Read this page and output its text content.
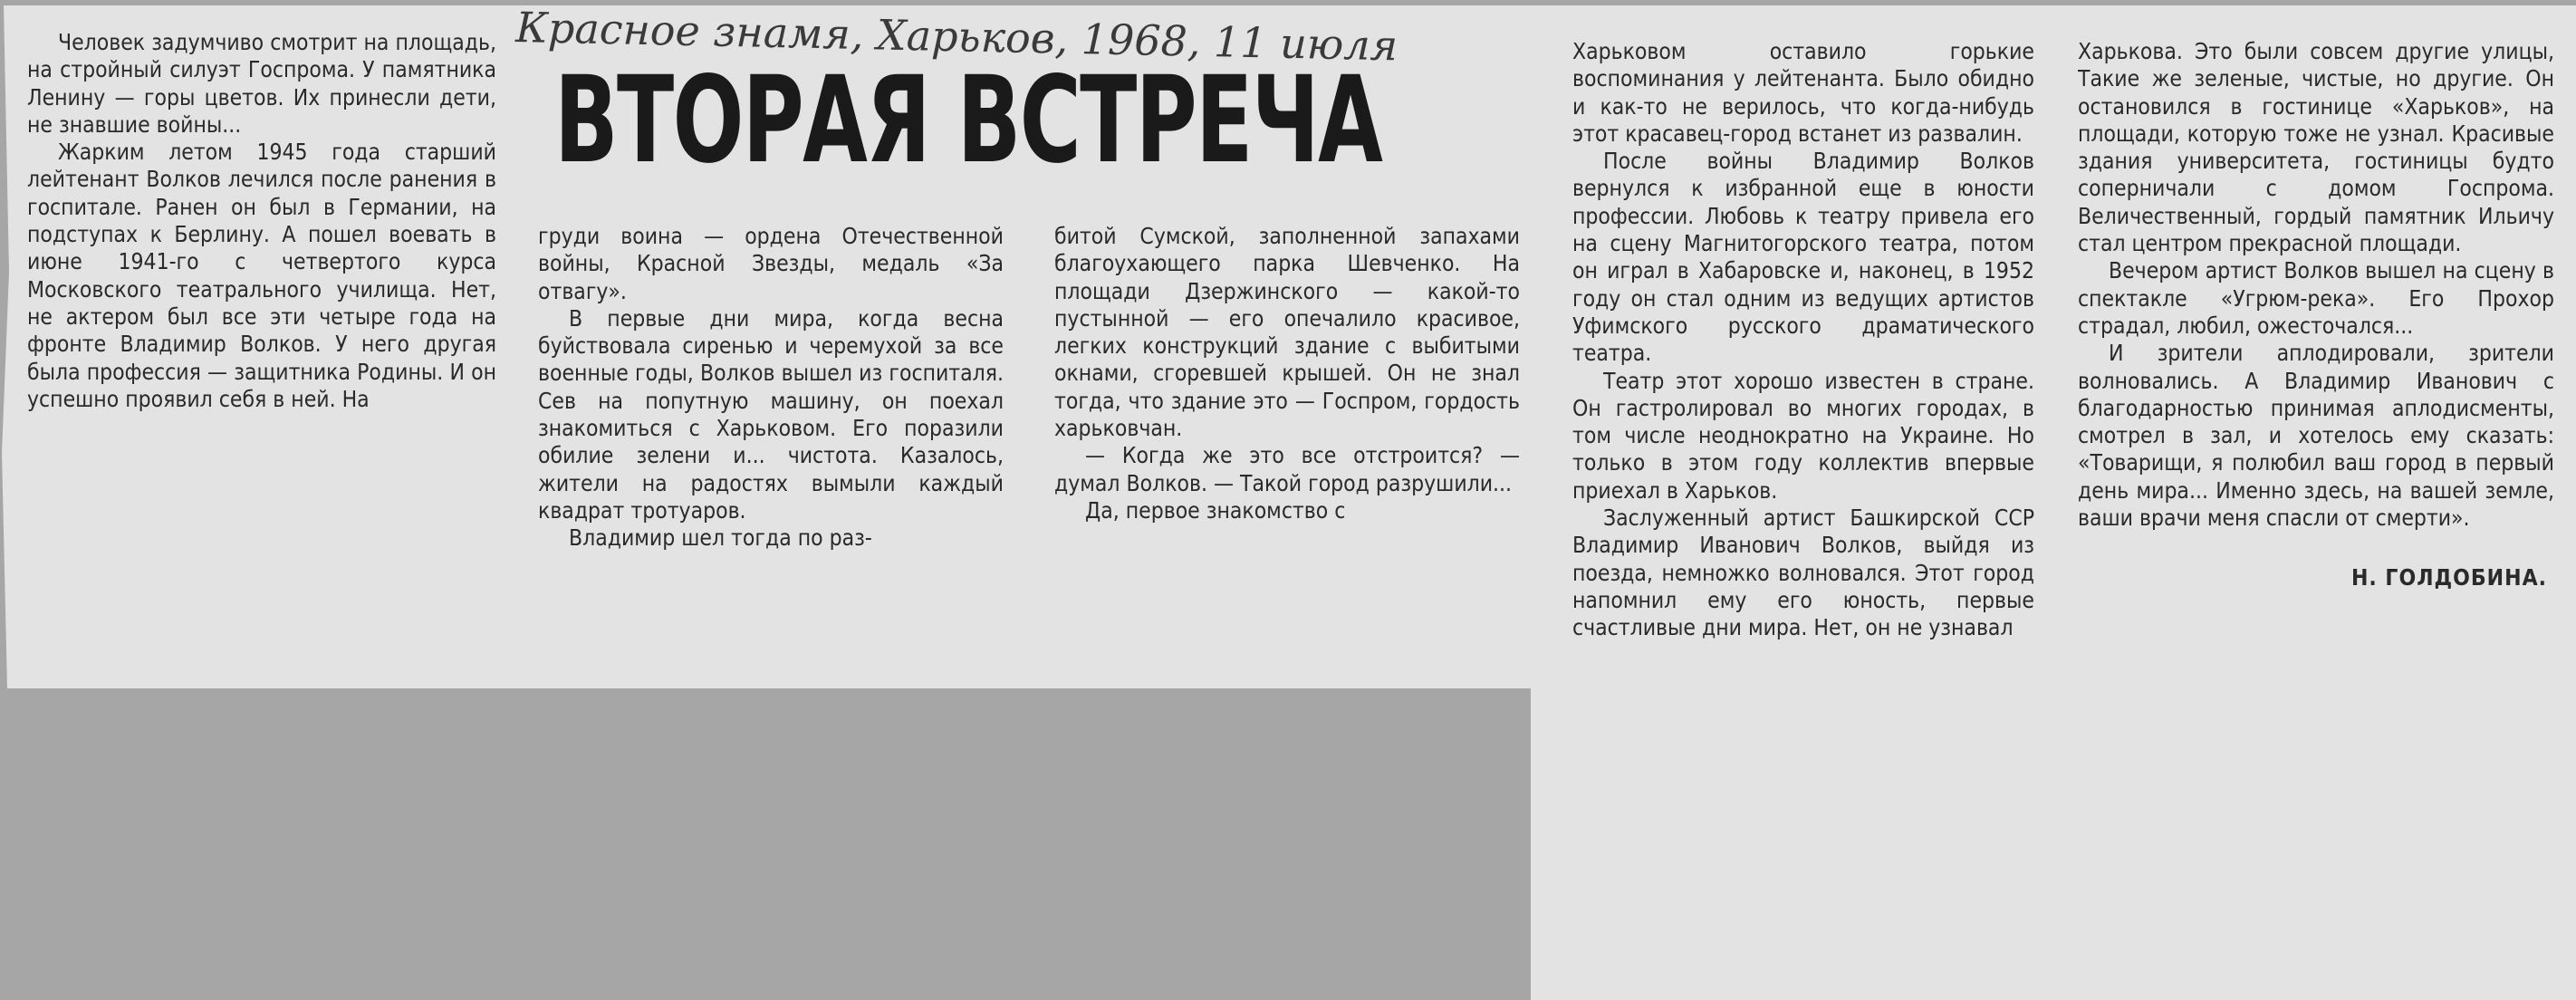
Красное знамя, Харьков, 1968, 11 июля
ВТОРАЯ ВСТРЕЧА

Человек задумчиво смотрит на площадь, на стройный силуэт Госпрома. У памятника Ленину — горы цветов. Их принесли дети, не знавшие войны...

Жарким летом 1945 года старший лейтенант Волков лечился после ранения в госпитале. Ранен он был в Германии, на подступах к Берлину. А пошел воевать в июне 1941-го с четвертого курса Московского театрального училища. Нет, не актером был все эти четыре года на фронте Владимир Волков. У него другая была профессия — защитника Родины. И он успешно проявил себя в ней. На

груди воина — ордена Отечественной войны, Красной Звезды, медаль «За отвагу».

В первые дни мира, когда весна буйствовала сиренью и черемухой за все военные годы, Волков вышел из госпиталя. Сев на попутную машину, он поехал знакомиться с Харьковом. Его поразили обилие зелени и... чистота. Казалось, жители на радостях вымыли каждый квадрат тротуаров.

Владимир шел тогда по раз-

битой Сумской, заполненной запахами благоухающего парка Шевченко. На площади Дзержинского — какой-то пустынной — его опечалило красивое, легких конструкций здание с выбитыми окнами, сгоревшей крышей. Он не знал тогда, что здание это — Госпром, гордость харьковчан.

— Когда же это все отстроится? — думал Волков. — Такой город разрушили...

Да, первое знакомство с

Харьковом оставило горькие воспоминания у лейтенанта. Было обидно и как-то не верилось, что когда-нибудь этот красавец-город встанет из развалин.

После войны Владимир Волков вернулся к избранной еще в юности профессии. Любовь к театру привела его на сцену Магнитогорского театра, потом он играл в Хабаровске и, наконец, в 1952 году он стал одним из ведущих артистов Уфимского русского драматического театра.

Театр этот хорошо известен в стране. Он гастролировал во многих городах, в том числе неоднократно на Украине. Но только в этом году коллектив впервые приехал в Харьков.

Заслуженный артист Башкирской ССР Владимир Иванович Волков, выйдя из поезда, немножко волновался. Этот город напомнил ему его юность, первые счастливые дни мира. Нет, он не узнавал

Харькова. Это были совсем другие улицы, Такие же зеленые, чистые, но другие. Он остановился в гостинице «Харьков», на площади, которую тоже не узнал. Красивые здания университета, гостиницы будто соперничали с домом Госпрома. Величественный, гордый памятник Ильичу стал центром прекрасной площади.

Вечером артист Волков вышел на сцену в спектакле «Угрюм-река». Его Прохор страдал, любил, ожесточался...

И зрители аплодировали, зрители волновались. А Владимир Иванович с благодарностью принимая аплодисменты, смотрел в зал, и хотелось ему сказать: «Товарищи, я полюбил ваш город в первый день мира... Именно здесь, на вашей земле, ваши врачи меня спасли от смерти».

Н. ГОЛДОБИНА.
